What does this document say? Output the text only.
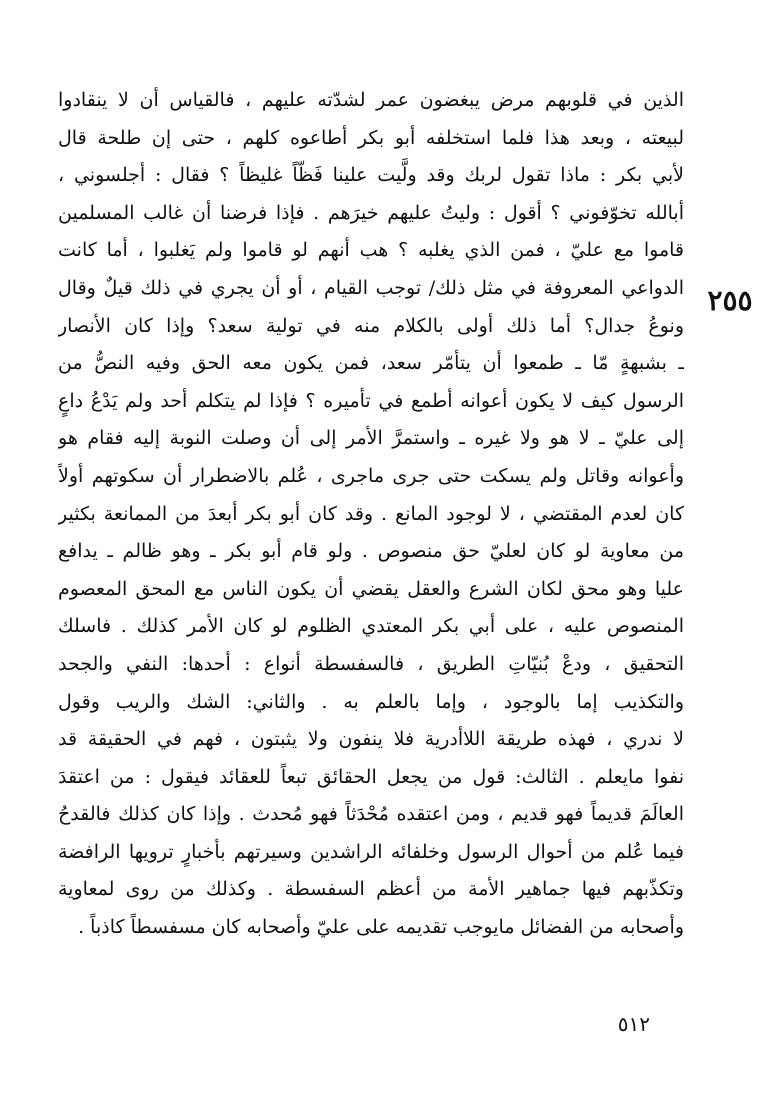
٢٥٥
الذين في قلوبهم مرض يبغضون عمر لشدّته عليهم ، فالقياس أن لا ينقادوا
لبيعته ، وبعد هذا فلما استخلفه أبو بكر أطاعوه كلهم ، حتى إن طلحة قال
لأبي بكر : ماذا تقول لربك وقد ولَّيت علينا فَظّاً غليظاً ؟ فقال : أجلسوني ،
أبالله تخوّفوني ؟ أقول : وليتُ عليهم خيرَهم . فإذا فرضنا أن غالب المسلمين
قاموا مع عليّ ، فمن الذي يغلبه ؟ هب أنهم لو قاموا ولم يَغلبوا ، أما كانت
الدواعي المعروفة في مثل ذلك/ توجب القيام ، أو أن يجري في ذلك قيلٌ وقال
ونوعُ جدال؟ أما ذلك أولى بالكلام منه في تولية سعد؟ وإذا كان الأنصار
ـ بشبهةٍ مّا ـ طمعوا أن يتأمّر سعد، فمن يكون معه الحق وفيه النصُّ من
الرسول كيف لا يكون أعوانه أطمع في تأميره ؟ فإذا لم يتكلم أحد ولم يَدْعُ داعٍ
إلى عليّ ـ لا هو ولا غيره ـ واستمرَّ الأمر إلى أن وصلت النوبة إليه فقام هو
وأعوانه وقاتل ولم يسكت حتى جرى ماجرى ، عُلم بالاضطرار أن سكوتهم أولاً
كان لعدم المقتضي ، لا لوجود المانع . وقد كان أبو بكر أبعدَ من الممانعة بكثير
من معاوية لو كان لعليّ حق منصوص . ولو قام أبو بكر ـ وهو ظالم ـ يدافع
عليا وهو محق لكان الشرع والعقل يقضي أن يكون الناس مع المحق المعصوم
المنصوص عليه ، على أبي بكر المعتدي الظلوم لو كان الأمر كذلك . فاسلك
التحقيق ، ودعْ بُنيّاتِ الطريق ، فالسفسطة أنواع : أحدها: النفي والجحد
والتكذيب إما بالوجود ، وإما بالعلم به . والثاني: الشك والريب وقول
لا ندري ، فهذه طريقة اللاأدرية فلا ينفون ولا يثبتون ، فهم في الحقيقة قد
نفوا مايعلم . الثالث: قول من يجعل الحقائق تبعاً للعقائد فيقول : من اعتقدَ
العالَمَ قديماً فهو قديم ، ومن اعتقده مُحْدَثاً فهو مُحدث . وإذا كان كذلك فالقدحُ
فيما عُلم من أحوال الرسول وخلفائه الراشدين وسيرتهم بأخبارٍ ترويها الرافضة
وتكذّبهم فيها جماهير الأمة من أعظم السفسطة . وكذلك من روى لمعاوية
وأصحابه من الفضائل مايوجب تقديمه على عليّ وأصحابه كان مسفسطاً كاذباً .
٥١٢
